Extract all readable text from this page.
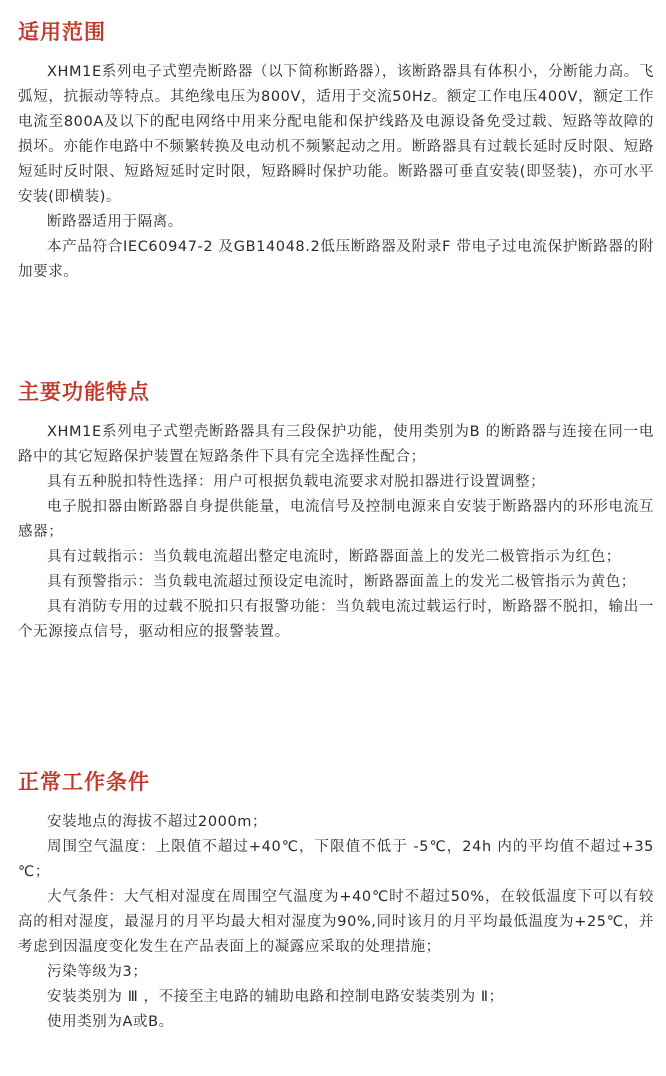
适用范围

XHM1E系列电子式塑壳断路器（以下简称断路器），该断路器具有体积小，分断能力高。飞弧短，抗振动等特点。其绝缘电压为800V，适用于交流50Hz。额定工作电压400V，额定工作电流至800A及以下的配电网络中用来分配电能和保护线路及电源设备免受过载、短路等故障的损坏。亦能作电路中不频繁转换及电动机不频繁起动之用。断路器具有过载长延时反时限、短路短延时反时限、短路短延时定时限，短路瞬时保护功能。断路器可垂直安装(即竖装)，亦可水平安装(即横装)。

断路器适用于隔离。

本产品符合IEC60947-2 及GB14048.2低压断路器及附录F 带电子过电流保护断路器的附加要求。

主要功能特点

XHM1E系列电子式塑壳断路器具有三段保护功能，使用类别为B 的断路器与连接在同一电路中的其它短路保护装置在短路条件下具有完全选择性配合；

具有五种脱扣特性选择：用户可根据负载电流要求对脱扣器进行设置调整；

电子脱扣器由断路器自身提供能量，电流信号及控制电源来自安装于断路器内的环形电流互感器；

具有过载指示：当负载电流超出整定电流时，断路器面盖上的发光二极管指示为红色；

具有预警指示：当负载电流超过预设定电流时，断路器面盖上的发光二极管指示为黄色；

具有消防专用的过载不脱扣只有报警功能：当负载电流过载运行时，断路器不脱扣，输出一个无源接点信号，驱动相应的报警装置。

正常工作条件

安装地点的海拔不超过2000m；

周围空气温度：上限值不超过+40℃，下限值不低于 -5℃，24h 内的平均值不超过+35 ℃；

大气条件：大气相对湿度在周围空气温度为+40℃时不超过50%，在较低温度下可以有较高的相对湿度，最湿月的月平均最大相对湿度为90%,同时该月的月平均最低温度为+25℃，并考虑到因温度变化发生在产品表面上的凝露应采取的处理措施；

污染等级为3；

安装类别为 Ⅲ ，不接至主电路的辅助电路和控制电路安装类别为 Ⅱ；

使用类别为A或B。
